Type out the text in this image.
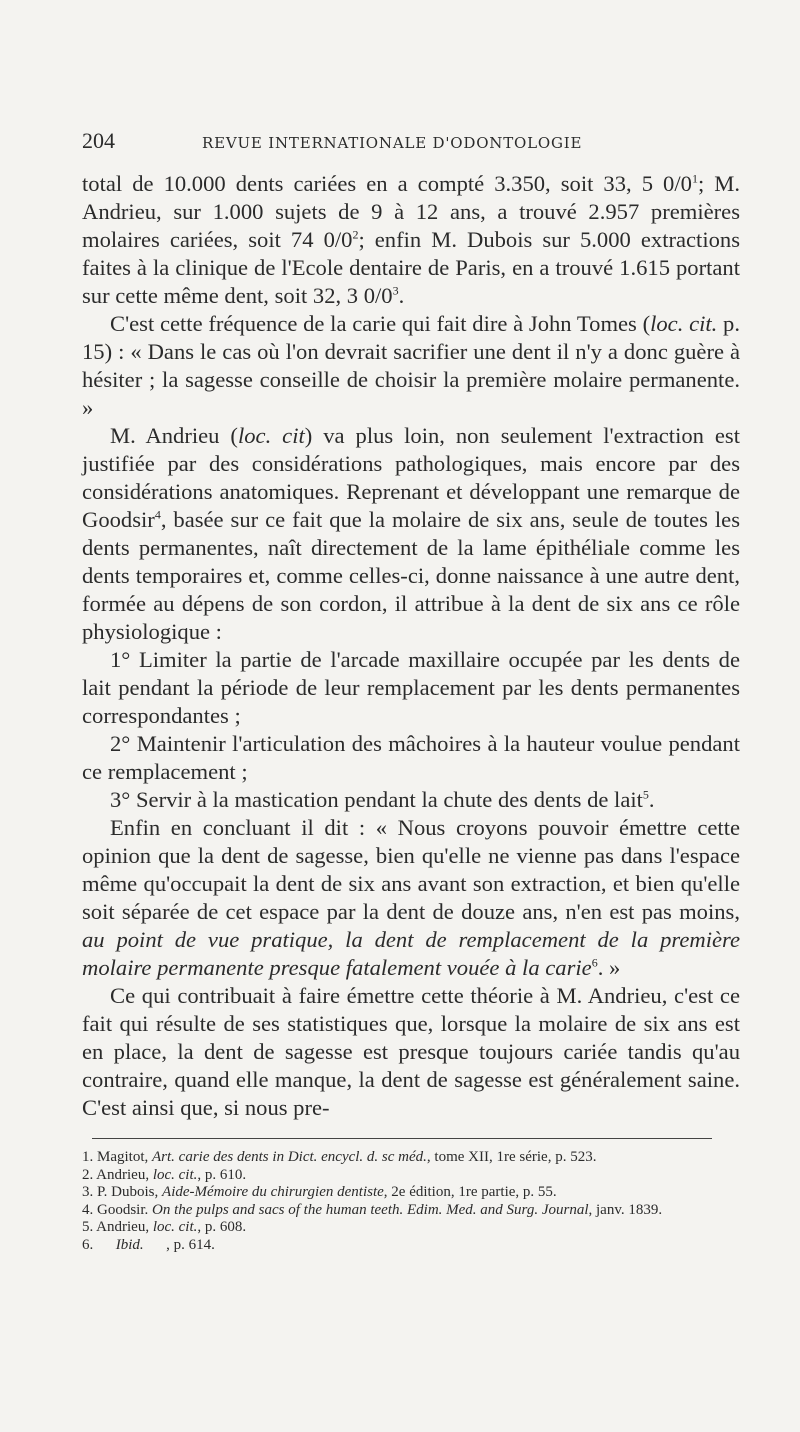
204	REVUE INTERNATIONALE D'ODONTOLOGIE

total de 10.000 dents cariées en a compté 3.350, soit 33, 5 $0/0^1$; M. Andrieu, sur 1.000 sujets de 9 à 12 ans, a trouvé 2.957 premières molaires cariées, soit 74 $0/0^2$; enfin M. Dubois sur 5.000 extractions faites à la clinique de l'Ecole dentaire de Paris, en a trouvé 1.615 portant sur cette même dent, soit 32, 3 $0/0^3$.

C'est cette fréquence de la carie qui fait dire à John Tomes (loc. cit. p. 15) : « Dans le cas où l'on devrait sacrifier une dent il n'y a donc guère à hésiter ; la sagesse conseille de choisir la première molaire permanente. »

M. Andrieu (loc. cit) va plus loin, non seulement l'extraction est justifiée par des considérations pathologiques, mais encore par des considérations anatomiques. Reprenant et développant une remarque de Goodsir$^4$, basée sur ce fait que la molaire de six ans, seule de toutes les dents permanentes, naît directement de la lame épithéliale comme les dents temporaires et, comme celles-ci, donne naissance à une autre dent, formée au dépens de son cordon, il attribue à la dent de six ans ce rôle physiologique :

1° Limiter la partie de l'arcade maxillaire occupée par les dents de lait pendant la période de leur remplacement par les dents permanentes correspondantes ;

2° Maintenir l'articulation des mâchoires à la hauteur voulue pendant ce remplacement ;

3° Servir à la mastication pendant la chute des dents de lait$^5$.

Enfin en concluant il dit : « Nous croyons pouvoir émettre cette opinion que la dent de sagesse, bien qu'elle ne vienne pas dans l'espace même qu'occupait la dent de six ans avant son extraction, et bien qu'elle soit séparée de cet espace par la dent de douze ans, n'en est pas moins, au point de vue pratique, la dent de remplacement de la première molaire permanente presque fatalement vouée à la carie$^6$. »

Ce qui contribuait à faire émettre cette théorie à M. Andrieu, c'est ce fait qui résulte de ses statistiques que, lorsque la molaire de six ans est en place, la dent de sagesse est presque toujours cariée tandis qu'au contraire, quand elle manque, la dent de sagesse est généralement saine. C'est ainsi que, si nous pre-

1. Magitot, Art. carie des dents in Dict. encycl. d. sc méd., tome XII, 1re série, p. 523.

2. Andrieu, loc. cit., p. 610.

3. P. Dubois, Aide-Mémoire du chirurgien dentiste, 2e édition, 1re partie, p. 55.

4. Goodsir. On the pulps and sacs of the human teeth. Edim. Med. and Surg. Journal, janv. 1839.

5. Andrieu, loc. cit., p. 608.

6.      Ibid.      , p. 614.
